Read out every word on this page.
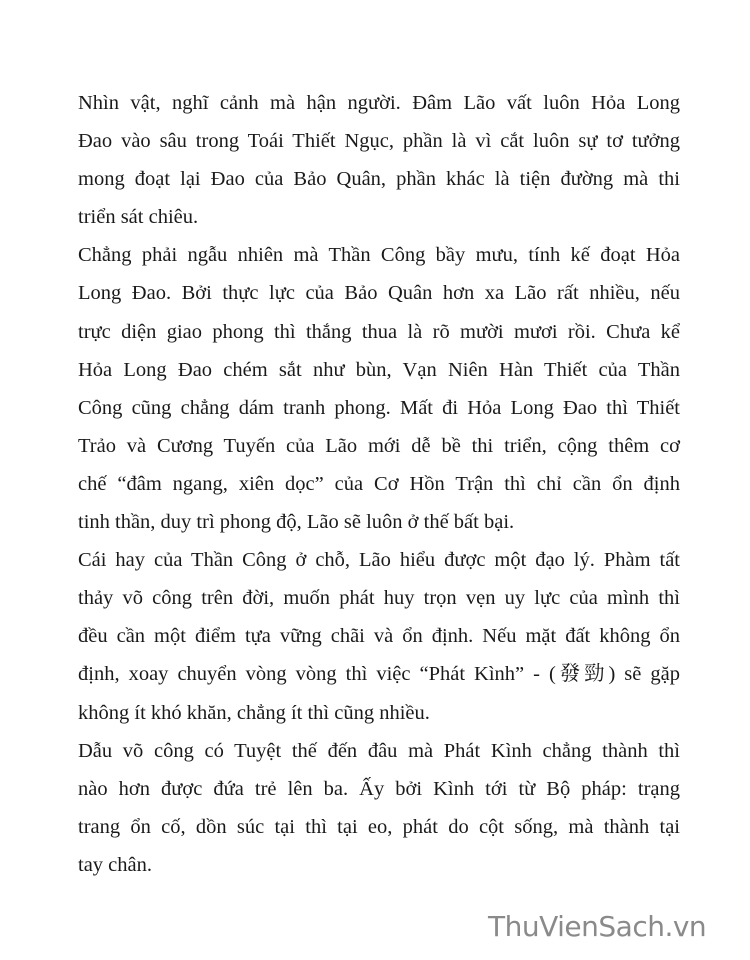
Nhìn vật, nghĩ cảnh mà hận người. Đâm Lão vất luôn Hỏa Long
Đao vào sâu trong Toái Thiết Ngục, phần là vì cắt luôn sự tơ tưởng
mong đoạt lại Đao của Bảo Quân, phần khác là tiện đường mà thi
triển sát chiêu.
Chẳng phải ngẫu nhiên mà Thần Công bầy mưu, tính kế đoạt Hỏa
Long Đao. Bởi thực lực của Bảo Quân hơn xa Lão rất nhiều, nếu
trực diện giao phong thì thắng thua là rõ mười mươi rồi. Chưa kể
Hỏa Long Đao chém sắt như bùn, Vạn Niên Hàn Thiết của Thần
Công cũng chẳng dám tranh phong. Mất đi Hỏa Long Đao thì Thiết
Trảo và Cương Tuyến của Lão mới dễ bề thi triển, cộng thêm cơ
chế “đâm ngang, xiên dọc” của Cơ Hồn Trận thì chỉ cần ổn định
tinh thần, duy trì phong độ, Lão sẽ luôn ở thế bất bại.
Cái hay của Thần Công ở chỗ, Lão hiểu được một đạo lý. Phàm tất
thảy võ công trên đời, muốn phát huy trọn vẹn uy lực của mình thì
đều cần một điểm tựa vững chãi và ổn định. Nếu mặt đất không ổn
định, xoay chuyển vòng vòng thì việc “Phát Kình” - (發勁) sẽ gặp
không ít khó khăn, chẳng ít thì cũng nhiều.
Dẫu võ công có Tuyệt thế đến đâu mà Phát Kình chẳng thành thì
nào hơn được đứa trẻ lên ba. Ấy bởi Kình tới từ Bộ pháp: trạng
trang ổn cố, dồn súc tại thì tại eo, phát do cột sống, mà thành tại
tay chân.
ThuVienSach.vn
